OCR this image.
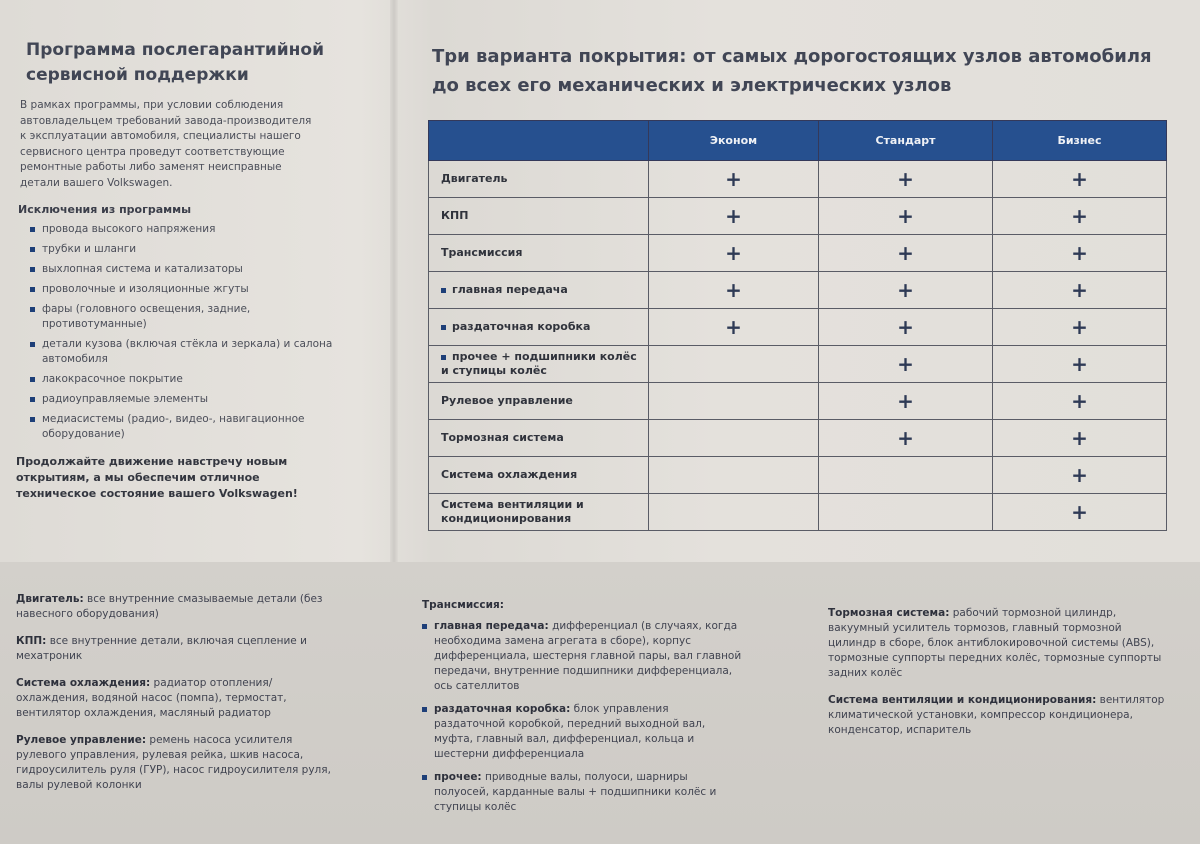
Программа послегарантийной сервисной поддержки
В рамках программы, при условии соблюдения автовладельцем требований завода-производителя к эксплуатации автомобиля, специалисты нашего сервисного центра проведут соответствующие ремонтные работы либо заменят неисправные детали вашего Volkswagen.
Исключения из программы
провода высокого напряжения
трубки и шланги
выхлопная система и катализаторы
проволочные и изоляционные жгуты
фары (головного освещения, задние, противотуманные)
детали кузова (включая стёкла и зеркала) и салона автомобиля
лакокрасочное покрытие
радиоуправляемые элементы
медиасистемы (радио-, видео-, навигационное оборудование)
Продолжайте движение навстречу новым открытиям, а мы обеспечим отличное техническое состояние вашего Volkswagen!
Три варианта покрытия: от самых дорогостоящих узлов автомобиля до всех его механических и электрических узлов
	Эконом	Стандарт	Бизнес
Двигатель	+	+	+
КПП	+	+	+
Трансмиссия	+	+	+
главная передача	+	+	+
раздаточная коробка	+	+	+
прочее + подшипники колёс и ступицы колёс		+	+
Рулевое управление		+	+
Тормозная система		+	+
Система охлаждения			+
Система вентиляции и кондиционирования			+

Двигатель: все внутренние смазываемые детали (без навесного оборудования)

КПП: все внутренние детали, включая сцепление и мехатроник

Система охлаждения: радиатор отопления/охлаждения, водяной насос (помпа), термостат, вентилятор охлаждения, масляный радиатор

Рулевое управление: ремень насоса усилителя рулевого управления, рулевая рейка, шкив насоса, гидроусилитель руля (ГУР), насос гидроусилителя руля, валы рулевой колонки

Трансмиссия:
главная передача: дифференциал (в случаях, когда необходима замена агрегата в сборе), корпус дифференциала, шестерня главной пары, вал главной передачи, внутренние подшипники дифференциала, ось сателлитов
раздаточная коробка: блок управления раздаточной коробкой, передний выходной вал, муфта, главный вал, дифференциал, кольца и шестерни дифференциала
прочее: приводные валы, полуоси, шарниры полуосей, карданные валы + подшипники колёс и ступицы колёс

Тормозная система: рабочий тормозной цилиндр, вакуумный усилитель тормозов, главный тормозной цилиндр в сборе, блок антиблокировочной системы (ABS), тормозные суппорты передних колёс, тормозные суппорты задних колёс

Система вентиляции и кондиционирования: вентилятор климатической установки, компрессор кондиционера, конденсатор, испаритель
